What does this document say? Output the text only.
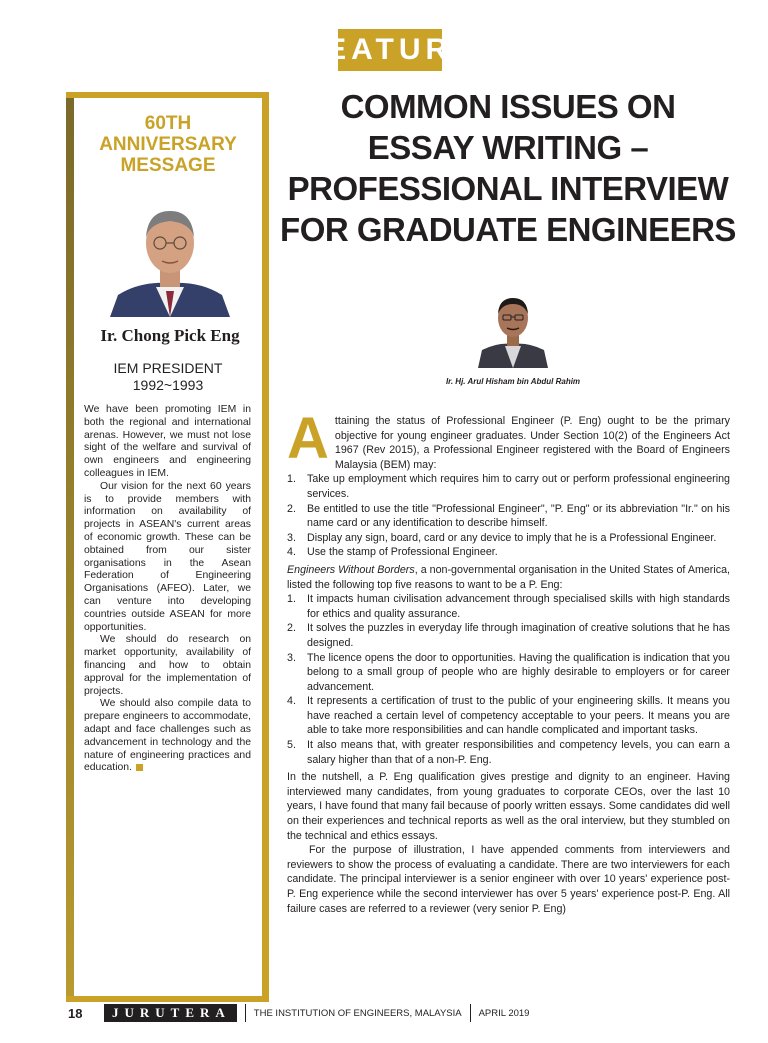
FEATURE
COMMON ISSUES ON
ESSAY WRITING –
PROFESSIONAL INTERVIEW
FOR GRADUATE ENGINEERS
60TH
ANNIVERSARY
MESSAGE
Ir. Chong Pick Eng
IEM PRESIDENT
1992~1993

We have been promoting IEM in both the regional and international arenas. However, we must not lose sight of the welfare and survival of own engineers and engineering colleagues in IEM.

Our vision for the next 60 years is to provide members with information on availability of projects in ASEAN's current areas of economic growth. These can be obtained from our sister organisations in the Asean Federation of Engineering Organisations (AFEO). Later, we can venture into developing countries outside ASEAN for more opportunities.

We should do research on market opportunity, availability of financing and how to obtain approval for the implementation of projects.

We should also compile data to prepare engineers to accommodate, adapt and face challenges such as advancement in technology and the nature of engineering practices and education.

Ir. Hj. Arul Hisham bin Abdul Rahim

Attaining the status of Professional Engineer (P. Eng) ought to be the primary objective for young engineer graduates. Under Section 10(2) of the Engineers Act 1967 (Rev 2015), a Professional Engineer registered with the Board of Engineers Malaysia (BEM) may:

1. Take up employment which requires him to carry out or perform professional engineering services.
2. Be entitled to use the title "Professional Engineer", "P. Eng" or its abbreviation "Ir." on his name card or any identification to describe himself.
3. Display any sign, board, card or any device to imply that he is a Professional Engineer.
4. Use the stamp of Professional Engineer.

Engineers Without Borders, a non-governmental organisation in the United States of America, listed the following top five reasons to want to be a P. Eng:

1. It impacts human civilisation advancement through specialised skills with high standards for ethics and quality assurance.
2. It solves the puzzles in everyday life through imagination of creative solutions that he has designed.
3. The licence opens the door to opportunities. Having the qualification is indication that you belong to a small group of people who are highly desirable to employers or for career advancement.
4. It represents a certification of trust to the public of your engineering skills. It means you have reached a certain level of competency acceptable to your peers. It means you are able to take more responsibilities and can handle complicated and important tasks.
5. It also means that, with greater responsibilities and competency levels, you can earn a salary higher than that of a non-P. Eng.

In the nutshell, a P. Eng qualification gives prestige and dignity to an engineer. Having interviewed many candidates, from young graduates to corporate CEOs, over the last 10 years, I have found that many fail because of poorly written essays. Some candidates did well on their experiences and technical reports as well as the oral interview, but they stumbled on the technical and ethics essays.

For the purpose of illustration, I have appended comments from interviewers and reviewers to show the process of evaluating a candidate. There are two interviewers for each candidate. The principal interviewer is a senior engineer with over 10 years' experience post-P. Eng experience while the second interviewer has over 5 years' experience post-P. Eng. All failure cases are referred to a reviewer (very senior P. Eng)

18	JURUTERA	THE INSTITUTION OF ENGINEERS, MALAYSIA APRIL 2019
